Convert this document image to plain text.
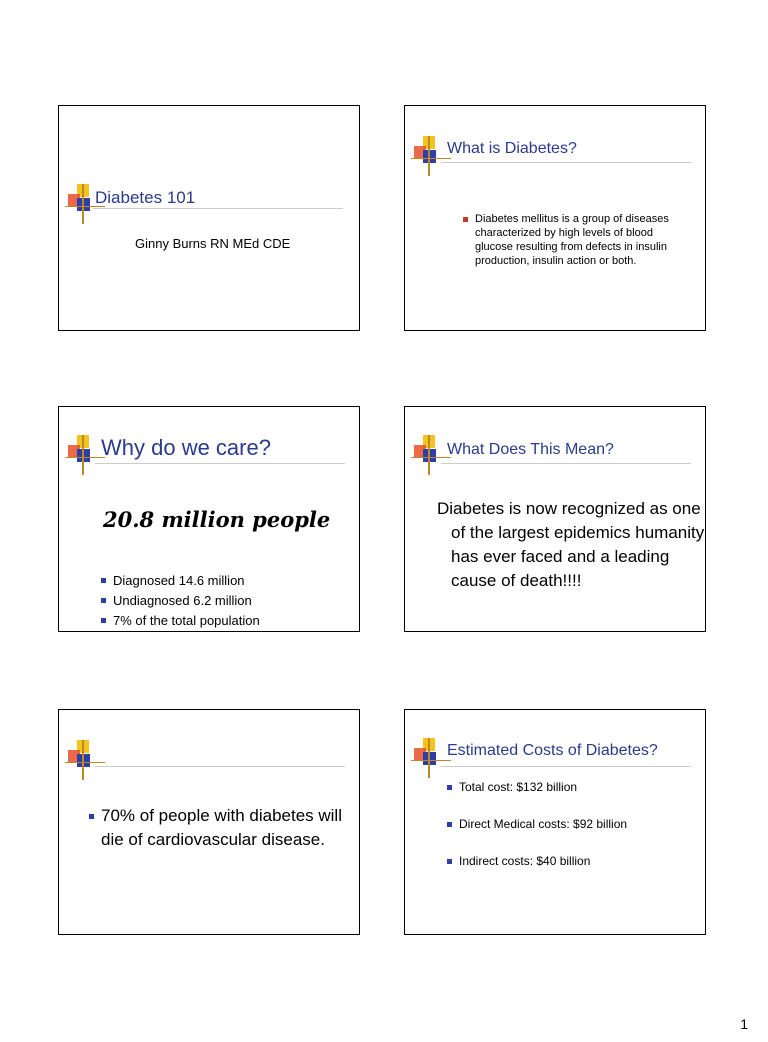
Diabetes 101
Ginny Burns RN MEd CDE
What is Diabetes?
Diabetes mellitus is a group of diseases characterized by high levels of blood glucose resulting from defects in insulin production, insulin action or both.
Why do we care?
20.8 million people
Diagnosed 14.6 million
Undiagnosed 6.2 million
7% of the total population
What Does This Mean?
Diabetes is now recognized as one of the largest epidemics humanity has ever faced and a leading cause of death!!!!
70% of people with diabetes will die of cardiovascular disease.
Estimated Costs of Diabetes?
Total cost: $132 billion
Direct Medical costs: $92 billion
Indirect costs: $40 billion
1
